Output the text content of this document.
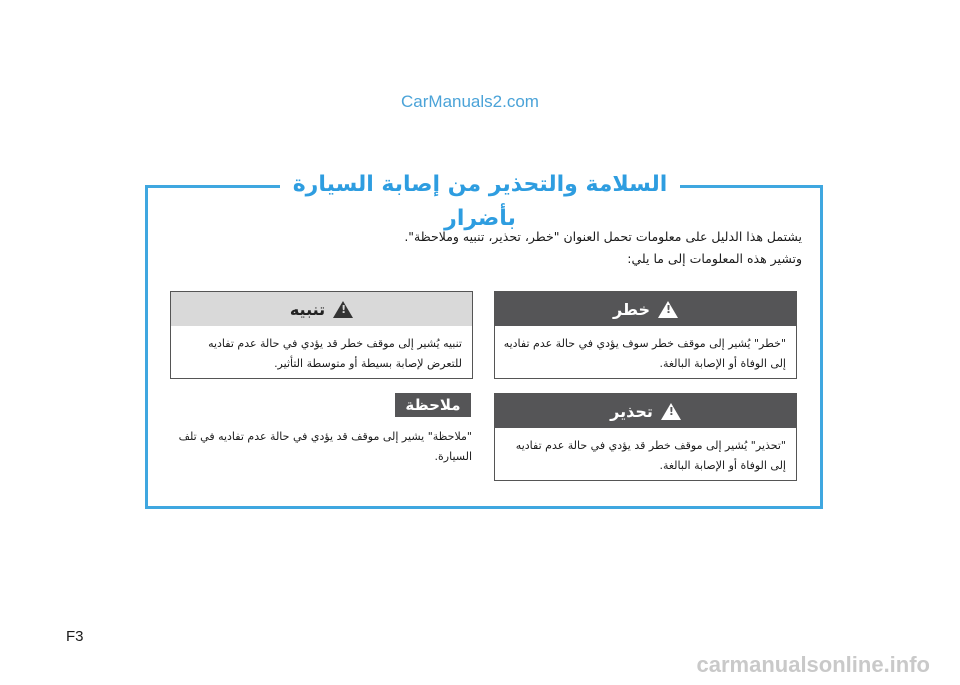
CarManuals2.com
السلامة والتحذير من إصابة السيارة بأضرار
يشتمل هذا الدليل على معلومات تحمل العنوان "خطر، تحذير، تنبيه وملاحظة".
وتشير هذه المعلومات إلى ما يلي:
!
خطر
"خطر" يُشير إلى موقف خطر سوف يؤدي في حالة عدم تفاديه إلى الوفاة أو الإصابة البالغة.
!
تنبيه
تنبيه يُشير إلى موقف خطر قد يؤدي في حالة عدم تفاديه للتعرض لإصابة بسيطة أو متوسطة التأثير.
!
تحذير
"تحذير" يُشير إلى موقف خطر قد يؤدي في حالة عدم تفاديه إلى الوفاة أو الإصابة البالغة.
ملاحظة
"ملاحظة" يشير إلى موقف قد يؤدي في حالة عدم تفاديه في تلف السيارة.
F3
carmanualsonline.info
